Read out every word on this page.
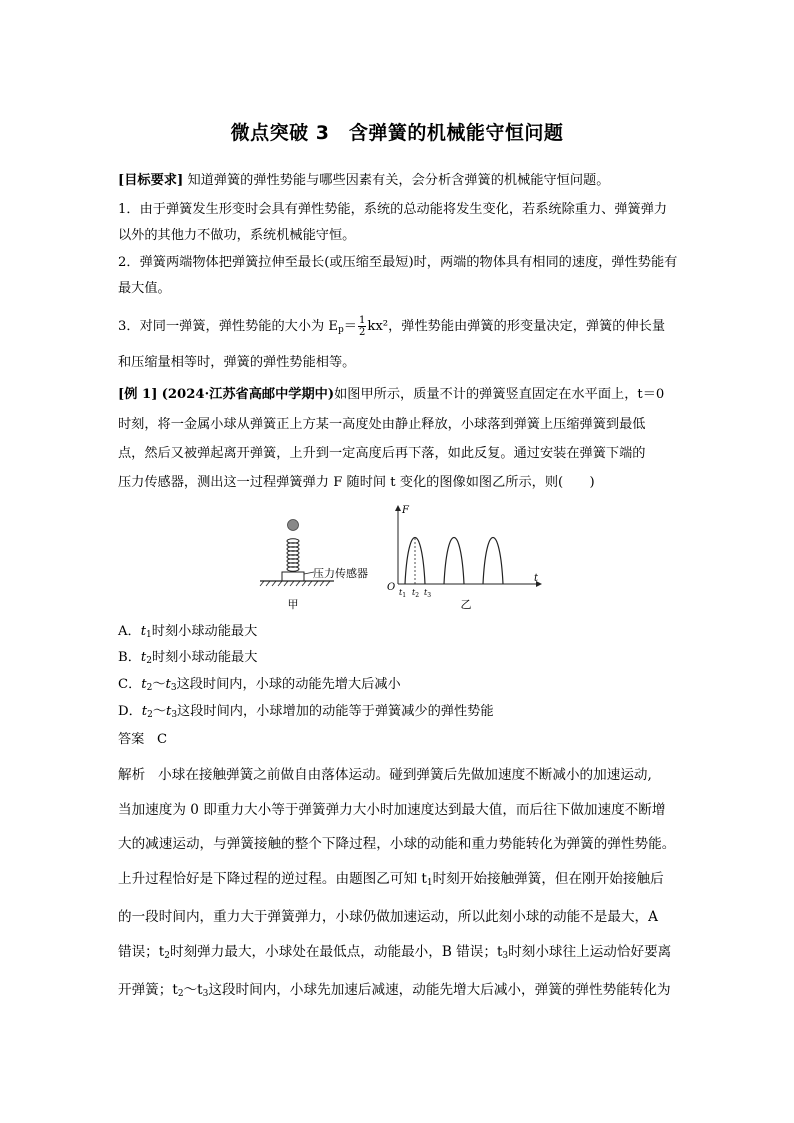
微点突破 3　含弹簧的机械能守恒问题

[目标要求] 知道弹簧的弹性势能与哪些因素有关，会分析含弹簧的机械能守恒问题。

1．由于弹簧发生形变时会具有弹性势能，系统的总动能将发生变化，若系统除重力、弹簧弹力以外的其他力不做功，系统机械能守恒。

2．弹簧两端物体把弹簧拉伸至最长(或压缩至最短)时，两端的物体具有相同的速度，弹性势能有最大值。

3．对同一弹簧，弹性势能的大小为 $E_p= \frac{1}{2} kx^2$，弹性势能由弹簧的形变量决定，弹簧的伸长量

和压缩量相等时，弹簧的弹性势能相等。

[例 1] (2024·江苏省高邮中学期中)如图甲所示，质量不计的弹簧竖直固定在水平面上，t＝0

时刻，将一金属小球从弹簧正上方某一高度处由静止释放，小球落到弹簧上压缩弹簧到最低

点，然后又被弹起离开弹簧，上升到一定高度后再下落，如此反复。通过安装在弹簧下端的

压力传感器，测出这一过程弹簧弹力 F 随时间 t 变化的图像如图乙所示，则(　　)

压力传感器
甲
F
t
O $t_1$ $t_2$ $t_3$
乙
A．$t_1$时刻小球动能最大
B．$t_2$时刻小球动能最大
C．$t_2\sim t_3$这段时间内，小球的动能先增大后减小
D．$t_2\sim t_3$这段时间内，小球增加的动能等于弹簧减少的弹性势能
答案 C
解析 小球在接触弹簧之前做自由落体运动。碰到弹簧后先做加速度不断减小的加速运动,
当加速度为 0 即重力大小等于弹簧弹力大小时加速度达到最大值，而后往下做加速度不断增
大的减速运动，与弹簧接触的整个下降过程，小球的动能和重力势能转化为弹簧的弹性势能。
上升过程恰好是下降过程的逆过程。由题图乙可知 $t_1$时刻开始接触弹簧，但在刚开始接触后
的一段时间内，重力大于弹簧弹力，小球仍做加速运动，所以此刻小球的动能不是最大，A
错误；$t_2$时刻弹力最大，小球处在最低点，动能最小，B 错误；$t_3$时刻小球往上运动恰好要离
开弹簧；$t_2\sim t_3$这段时间内，小球先加速后减速，动能先增大后减小，弹簧的弹性势能转化为
